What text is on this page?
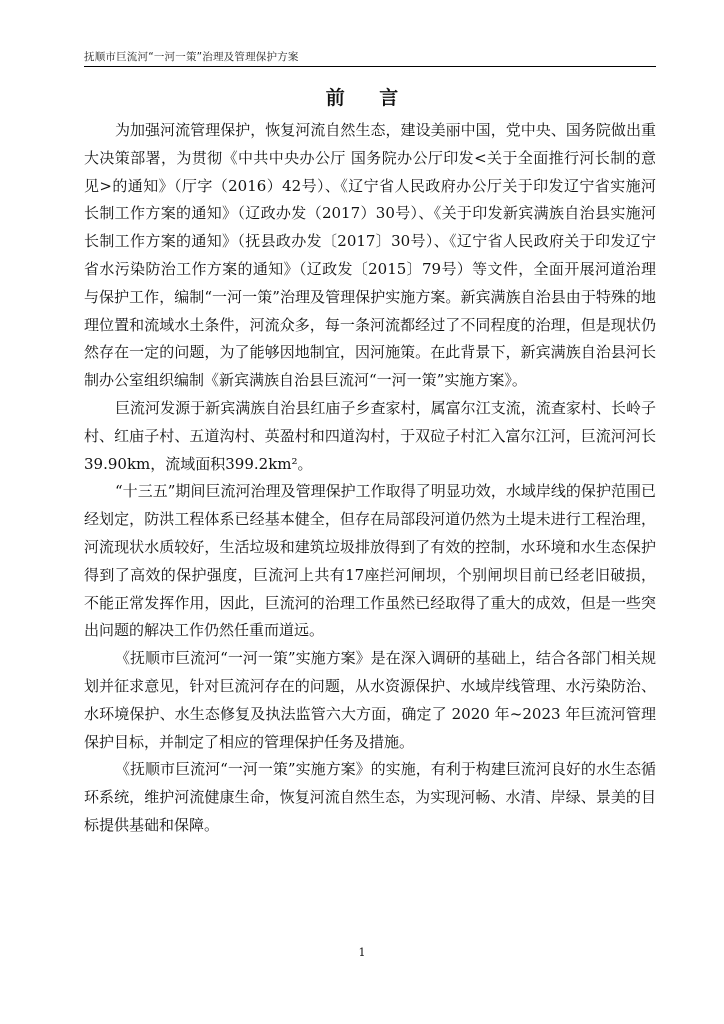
抚顺市巨流河“一河一策”治理及管理保护方案
前 言

为加强河流管理保护，恢复河流自然生态，建设美丽中国，党中央、国务院做出重大决策部署，为贯彻《中共中央办公厅 国务院办公厅印发<关于全面推行河长制的意见>的通知》（厅字（2016）42号）、《辽宁省人民政府办公厅关于印发辽宁省实施河长制工作方案的通知》（辽政办发（2017）30号）、《关于印发新宾满族自治县实施河长制工作方案的通知》（抚县政办发〔2017〕30号）、《辽宁省人民政府关于印发辽宁省水污染防治工作方案的通知》（辽政发〔2015〕79号）等文件，全面开展河道治理与保护工作，编制“一河一策”治理及管理保护实施方案。新宾满族自治县由于特殊的地理位置和流域水土条件，河流众多，每一条河流都经过了不同程度的治理，但是现状仍然存在一定的问题，为了能够因地制宜，因河施策。在此背景下，新宾满族自治县河长制办公室组织编制《新宾满族自治县巨流河“一河一策”实施方案》。

巨流河发源于新宾满族自治县红庙子乡查家村，属富尔江支流，流查家村、长岭子村、红庙子村、五道沟村、英盈村和四道沟村，于双砬子村汇入富尔江河，巨流河河长39.90km，流域面积399.2km²。

“十三五”期间巨流河治理及管理保护工作取得了明显功效，水域岸线的保护范围已经划定，防洪工程体系已经基本健全，但存在局部段河道仍然为土堤未进行工程治理，河流现状水质较好，生活垃圾和建筑垃圾排放得到了有效的控制，水环境和水生态保护得到了高效的保护强度，巨流河上共有17座拦河闸坝，个别闸坝目前已经老旧破损，不能正常发挥作用，因此，巨流河的治理工作虽然已经取得了重大的成效，但是一些突出问题的解决工作仍然任重而道远。

《抚顺市巨流河“一河一策”实施方案》是在深入调研的基础上，结合各部门相关规划并征求意见，针对巨流河存在的问题，从水资源保护、水域岸线管理、水污染防治、水环境保护、水生态修复及执法监管六大方面，确定了 2020 年~2023 年巨流河管理保护目标，并制定了相应的管理保护任务及措施。

《抚顺市巨流河“一河一策”实施方案》的实施，有利于构建巨流河良好的水生态循环系统，维护河流健康生命，恢复河流自然生态，为实现河畅、水清、岸绿、景美的目标提供基础和保障。

1
